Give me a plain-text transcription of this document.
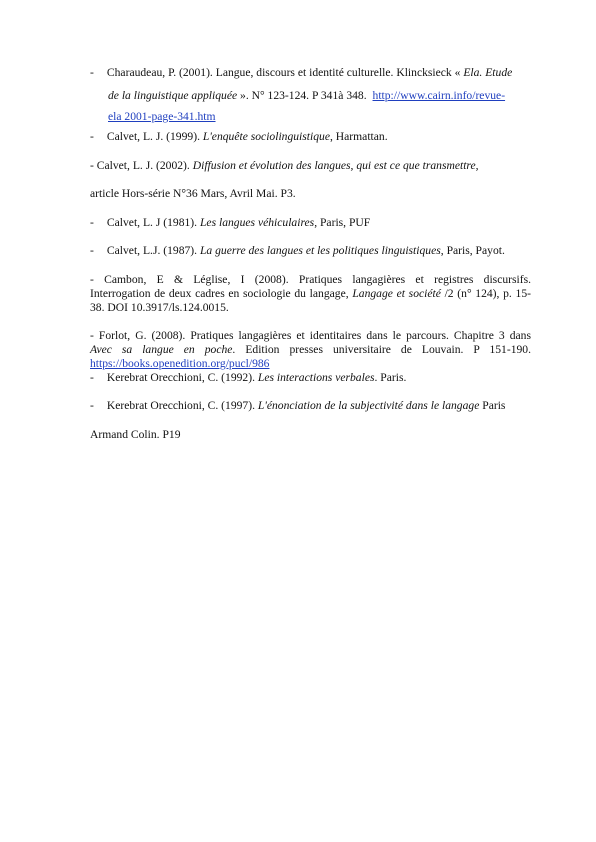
- Charaudeau, P. (2001). Langue, discours et identité culturelle. Klincksieck « Ela. Etude
de la linguistique appliquée ». N° 123-124. P 341à 348. http://www.cairn.info/revue-
ela 2001-page-341.htm
- Calvet, L. J. (1999). L'enquête sociolinguistique, Harmattan.
- Calvet, L. J. (2002). Diffusion et évolution des langues, qui est ce que transmettre,
article Hors-série N°36 Mars, Avril Mai. P3.
- Calvet, L. J (1981). Les langues véhiculaires, Paris, PUF
- Calvet, L.J. (1987). La guerre des langues et les politiques linguistiques, Paris, Payot.
- Cambon, E & Léglise, I (2008). Pratiques langagières et registres discursifs.
Interrogation de deux cadres en sociologie du langage, Langage et société /2 (n° 124), p. 15-
38. DOI 10.3917/ls.124.0015.
- Forlot, G. (2008). Pratiques langagières et identitaires dans le parcours. Chapitre 3 dans
Avec sa langue en poche. Edition presses universitaire de Louvain. P 151-190.
https://books.openedition.org/pucl/986
- Kerebrat Orecchioni, C. (1992). Les interactions verbales. Paris.
- Kerebrat Orecchioni, C. (1997). L'énonciation de la subjectivité dans le langage Paris
Armand Colin. P19
